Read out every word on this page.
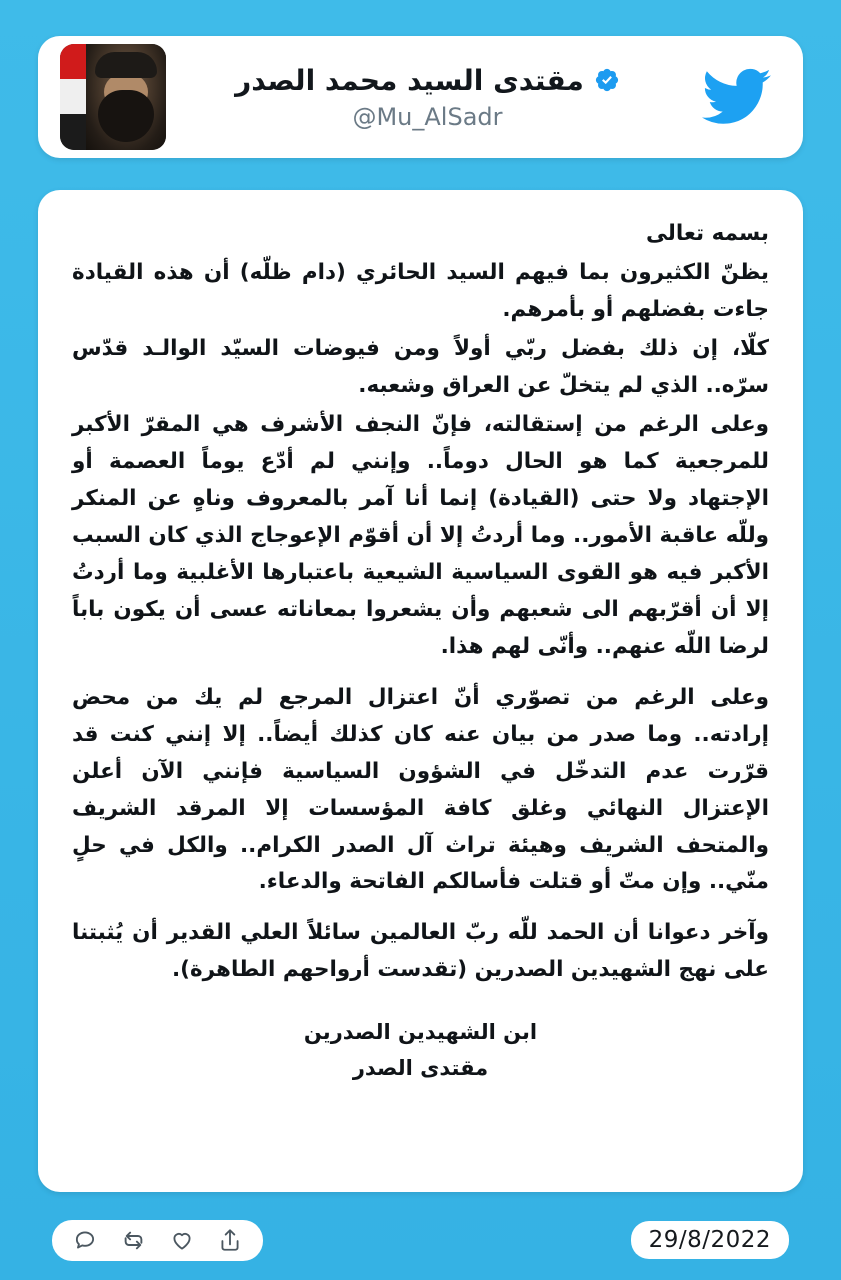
مقتدى السيد محمد الصدر
@Mu_AlSadr

بسمه تعالى

يظنّ الكثيرون بما فيهم السيد الحائري (دام ظلّه) أن هذه القيادة جاءت بفضلهم أو بأمرهم.

كلّا، إن ذلك بفضل ربّي أولاً ومن فيوضات السيّد الوالـد قدّس سرّه.. الذي لم يتخلّ عن العراق وشعبه.

وعلى الرغم من إستقالته، فإنّ النجف الأشرف هي المقرّ الأكبر للمرجعية كما هو الحال دوماً.. وإنني لم أدّع يوماً العصمة أو الإجتهاد ولا حتى (القيادة) إنما أنا آمر بالمعروف وناهٍ عن المنكر وللّه عاقبة الأمور.. وما أردتُ إلا أن أقوّم الإعوجاج الذي كان السبب الأكبر فيه هو القوى السياسية الشيعية باعتبارها الأغلبية وما أردتُ إلا أن أقرّبهم الى شعبهم وأن يشعروا بمعاناته عسى أن يكون باباً لرضا اللّه عنهم.. وأنّى لهم هذا.

وعلى الرغم من تصوّري أنّ اعتزال المرجع لم يك من محض إرادته.. وما صدر من بيان عنه كان كذلك أيضاً.. إلا إنني كنت قد قرّرت عدم التدخّل في الشؤون السياسية فإنني الآن أعلن الإعتزال النهائي وغلق كافة المؤسسات إلا المرقد الشريف والمتحف الشريف وهيئة تراث آل الصدر الكرام.. والكل في حلٍ منّي.. وإن متّ أو قتلت فأسالكم الفاتحة والدعاء.

وآخر دعوانا أن الحمد للّه ربّ العالمين سائلاً العلي القدير أن يُثبتنا على نهج الشهيدين الصدرين (تقدست أرواحهم الطاهرة).

ابن الشهيدين الصدرين
مقتدى الصدر
29/8/2022
